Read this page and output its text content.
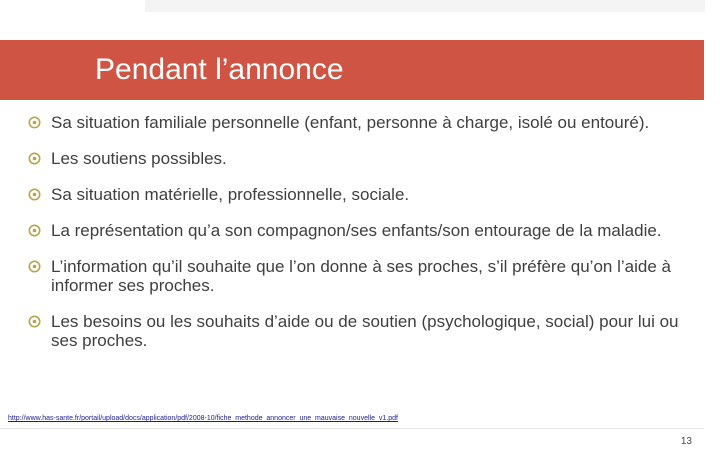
Pendant l’annonce
Sa situation familiale personnelle (enfant, personne à charge, isolé ou entouré).
Les soutiens possibles.
Sa situation matérielle, professionnelle, sociale.
La représentation qu’a son compagnon/ses enfants/son entourage de la maladie.
L’information qu’il souhaite que l’on donne à ses proches, s’il préfère qu’on l’aide à informer ses proches.
Les besoins ou les souhaits d’aide ou de soutien (psychologique, social) pour lui ou ses proches.
http://www.has-sante.fr/portail/upload/docs/application/pdf/2008-10/fiche_methode_annoncer_une_mauvaise_nouvelle_v1.pdf
13
